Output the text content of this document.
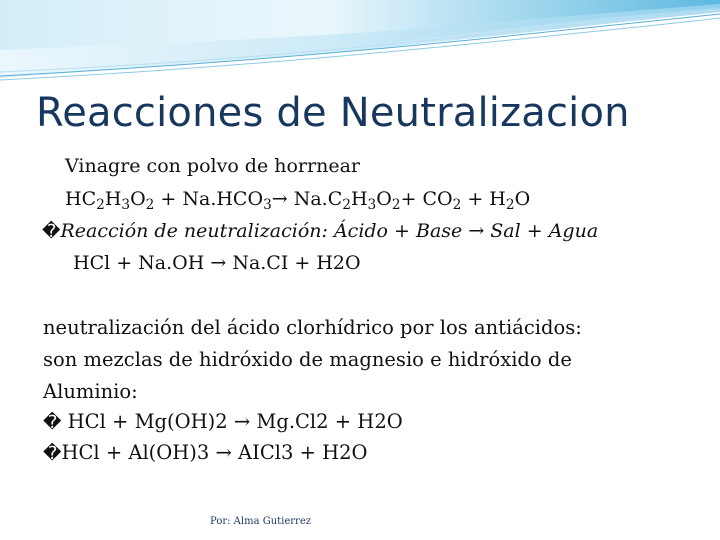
Reacciones de Neutralizacion
Vinagre con polvo de horrnear
$HC_2H_3O_2 + Na.HCO_3\to Na.C_2H_3O_2+ CO_2 + H_2O$
�Reacción de neutralización: Ácido + Base → Sal + Agua
HCl + Na.OH → Na.CI + H2O
neutralización del ácido clorhídrico por los antiácidos:
son mezclas de hidróxido de magnesio e hidróxido de
Aluminio:
� HCl + Mg(OH)2 → Mg.Cl2 + H2O
�HCl + Al(OH)3 → AICl3 + H2O
Por: Alma Gutierrez
